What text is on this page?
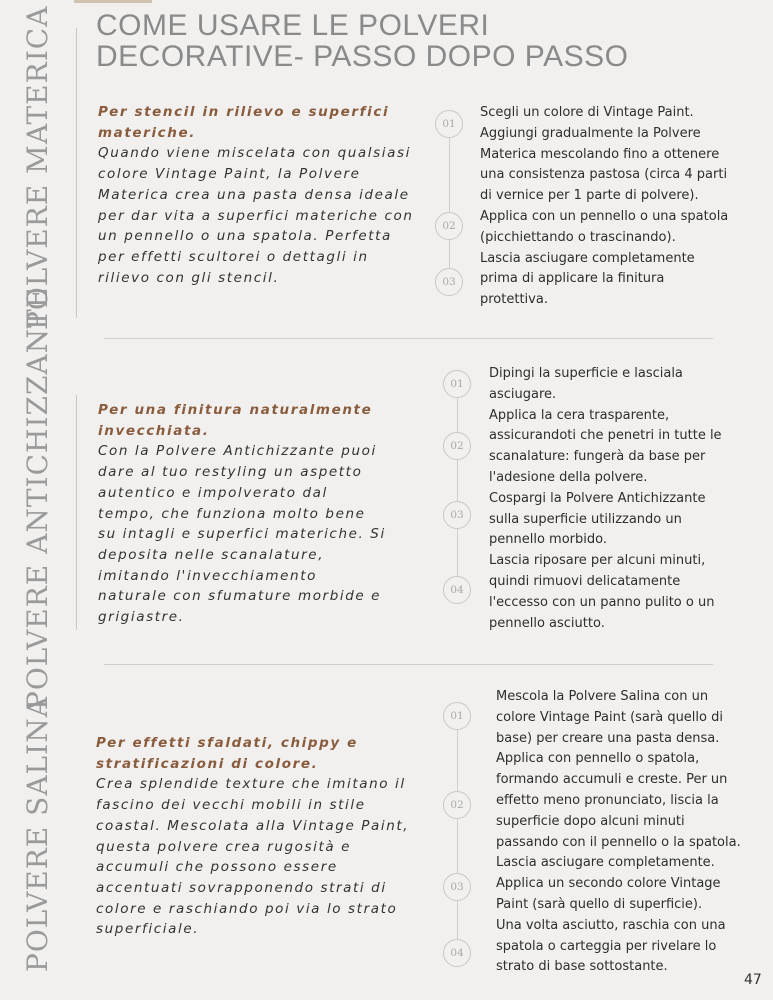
COME USARE LE POLVERI
DECORATIVE- PASSO DOPO PASSO
POLVERE MATERICA
POLVERE ANTICHIZZANTE
POLVERE SALINA

Per stencil in rilievo e superfici materiche.
Quando viene miscelata con qualsiasi colore Vintage Paint, la Polvere Materica crea una pasta densa ideale per dar vita a superfici materiche con un pennello o una spatola. Perfetta per effetti scultorei o dettagli in rilievo con gli stencil.

01
02
03
Scegli un colore di Vintage Paint.
Aggiungi gradualmente la Polvere Materica mescolando fino a ottenere una consistenza pastosa (circa 4 parti di vernice per 1 parte di polvere).
Applica con un pennello o una spatola (picchiettando o trascinando).
Lascia asciugare completamente prima di applicare la finitura protettiva.

Per una finitura naturalmente invecchiata.
Con la Polvere Antichizzante puoi dare al tuo restyling un aspetto autentico e impolverato dal tempo, che funziona molto bene su intagli e superfici materiche. Si deposita nelle scanalature, imitando l'invecchiamento naturale con sfumature morbide e grigiastre.

01
02
03
04
Dipingi la superficie e lasciala asciugare.
Applica la cera trasparente, assicurandoti che penetri in tutte le scanalature: fungerà da base per l'adesione della polvere.
Cospargi la Polvere Antichizzante sulla superficie utilizzando un pennello morbido.
Lascia riposare per alcuni minuti, quindi rimuovi delicatamente l'eccesso con un panno pulito o un pennello asciutto.

Per effetti sfaldati, chippy e stratificazioni di colore.
Crea splendide texture che imitano il fascino dei vecchi mobili in stile coastal. Mescolata alla Vintage Paint, questa polvere crea rugosità e accumuli che possono essere accentuati sovrapponendo strati di colore e raschiando poi via lo strato superficiale.

01
02
03
04
Mescola la Polvere Salina con un colore Vintage Paint (sarà quello di base) per creare una pasta densa.
Applica con pennello o spatola, formando accumuli e creste. Per un effetto meno pronunciato, liscia la superficie dopo alcuni minuti passando con il pennello o la spatola. Lascia asciugare completamente.
Applica un secondo colore Vintage Paint (sarà quello di superficie).
Una volta asciutto, raschia con una spatola o carteggia per rivelare lo strato di base sottostante.
47
